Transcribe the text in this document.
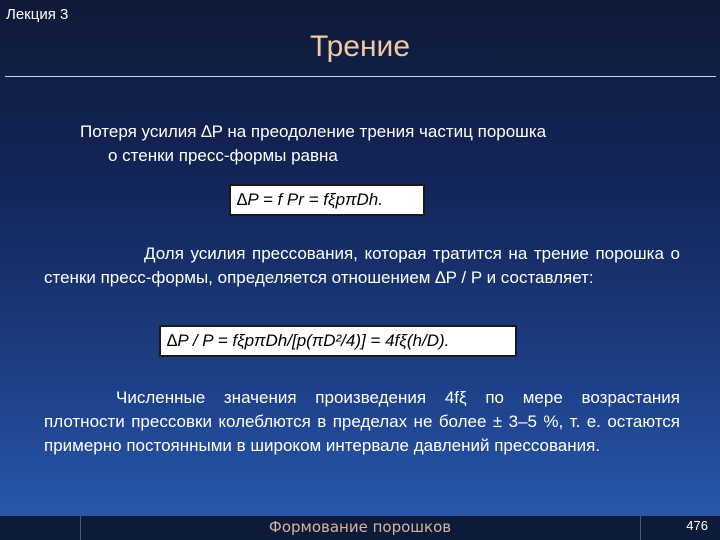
Лекция 3
Трение
Потеря усилия ∆P на преодоление трения частиц порошка
о стенки пресс-формы равна
∆P = f Pr = fξpπDh.
Доля усилия прессования, которая тратится на трение порошка о стенки пресс-формы, определяется отношением ∆P / P и составляет:
∆P / P = fξpπDh/[p(πD²/4)] = 4fξ(h/D).
Численные значения произведения 4fξ по мере возрастания плотности прессовки колеблются в пределах не более ± 3–5 %, т. е. остаются примерно постоянными в широком интервале давлений прессования.
Формование порошков	476
